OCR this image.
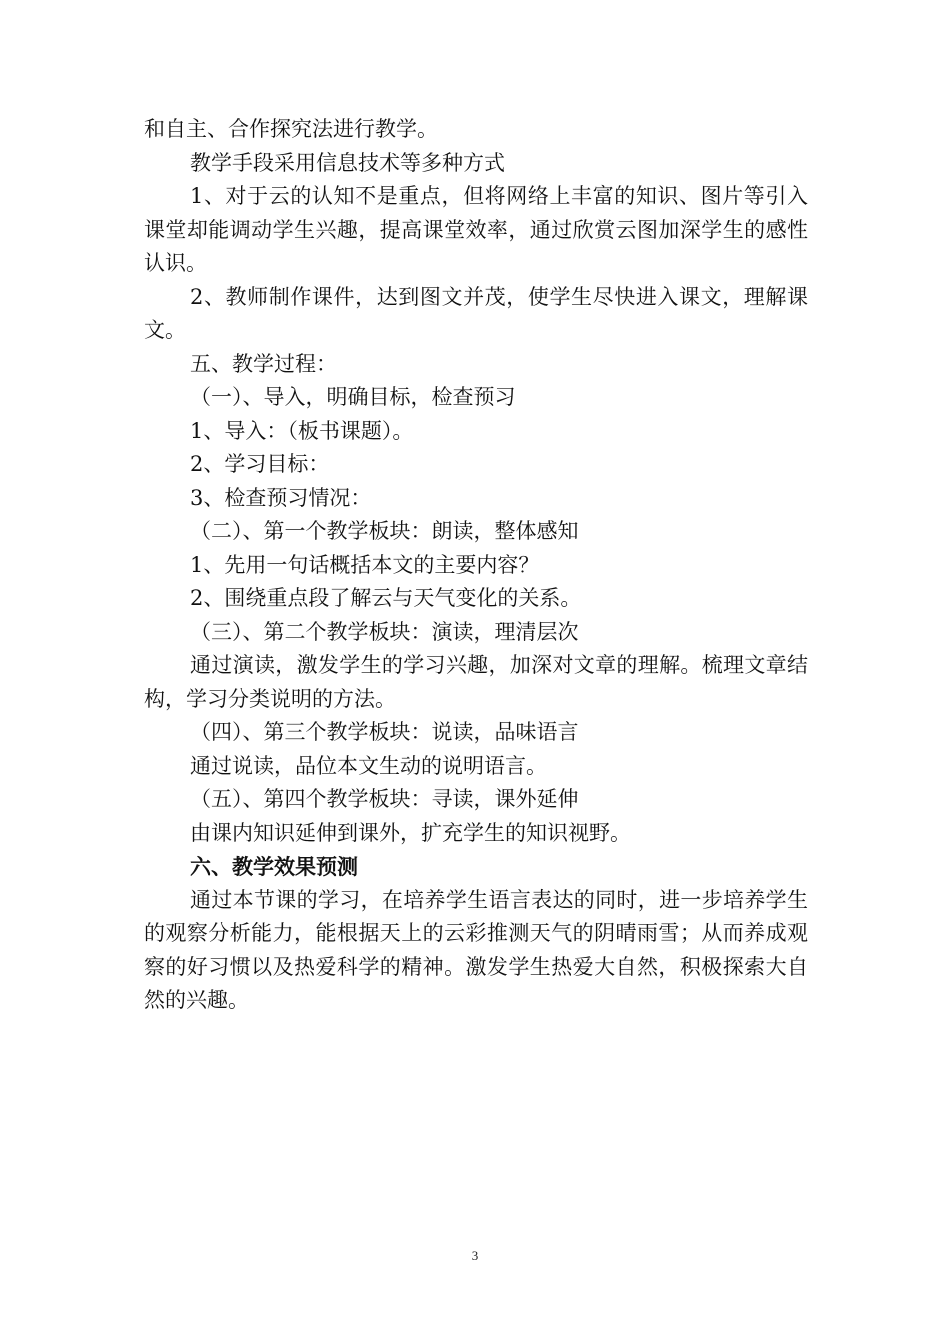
和自主、合作探究法进行教学。

教学手段采用信息技术等多种方式

1、对于云的认知不是重点，但将网络上丰富的知识、图片等引入课堂却能调动学生兴趣，提高课堂效率，通过欣赏云图加深学生的感性认识。

2、教师制作课件，达到图文并茂，使学生尽快进入课文，理解课文。

五、教学过程：

（一）、导入，明确目标，检查预习

1、导入：（板书课题）。

2、学习目标：

3、检查预习情况：

（二）、第一个教学板块：朗读，整体感知

1、先用一句话概括本文的主要内容？

2、围绕重点段了解云与天气变化的关系。

（三）、第二个教学板块：演读，理清层次

通过演读，激发学生的学习兴趣，加深对文章的理解。梳理文章结构，学习分类说明的方法。

（四）、第三个教学板块：说读，品味语言

通过说读，品位本文生动的说明语言。

（五）、第四个教学板块：寻读，课外延伸

由课内知识延伸到课外，扩充学生的知识视野。

六、教学效果预测

通过本节课的学习，在培养学生语言表达的同时，进一步培养学生的观察分析能力，能根据天上的云彩推测天气的阴晴雨雪；从而养成观察的好习惯以及热爱科学的精神。激发学生热爱大自然，积极探索大自然的兴趣。

3
